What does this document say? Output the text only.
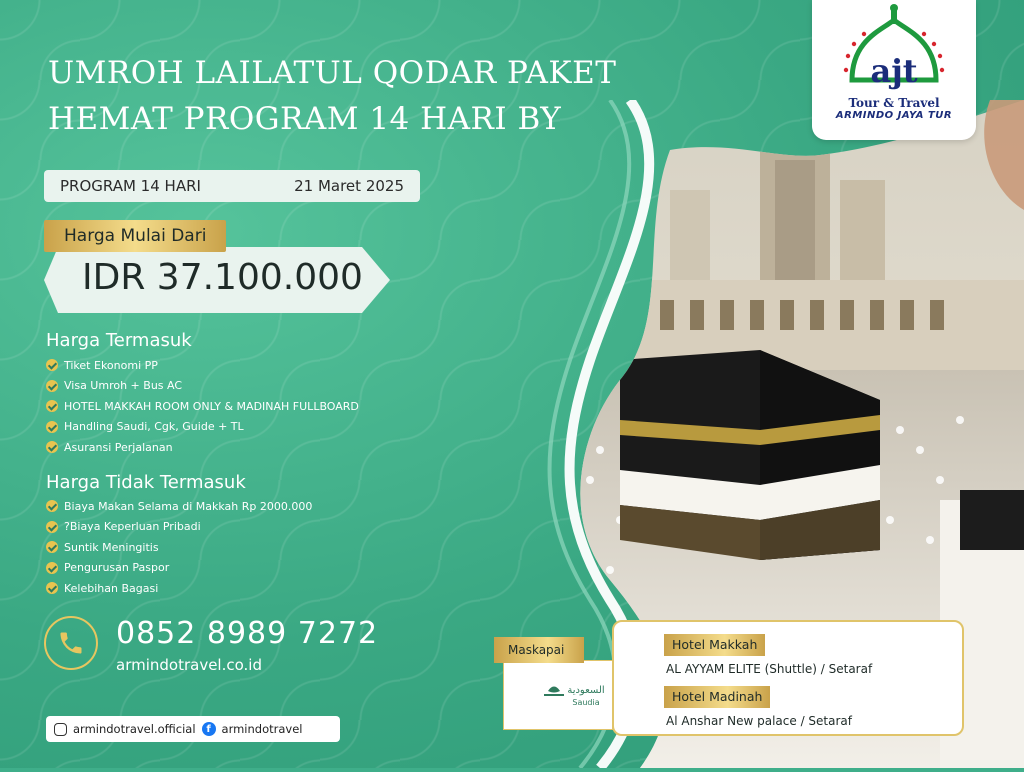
ajt
Tour & Travel
ARMINDO JAYA TUR
UMROH LAILATUL QODAR PAKET
HEMAT PROGRAM 14 HARI BY
PROGRAM 14 HARI	21 Maret 2025
IDR 37.100.000
Harga Mulai Dari
Harga Termasuk
Tiket Ekonomi PP
Visa Umroh + Bus AC
HOTEL MAKKAH ROOM ONLY & MADINAH FULLBOARD
Handling Saudi, Cgk, Guide + TL
Asuransi Perjalanan
Harga Tidak Termasuk
Biaya Makan Selama di Makkah Rp 2000.000
?Biaya Keperluan Pribadi
Suntik Meningitis
Pengurusan Paspor
Kelebihan Bagasi
0852 8989 7272
armindotravel.co.id
armindotravel.official	f armindotravel
السعودية
Saudia
Maskapai	Hotel Makkah
AL AYYAM ELITE (Shuttle) / Setaraf
Hotel Madinah
Al Anshar New palace / Setaraf
